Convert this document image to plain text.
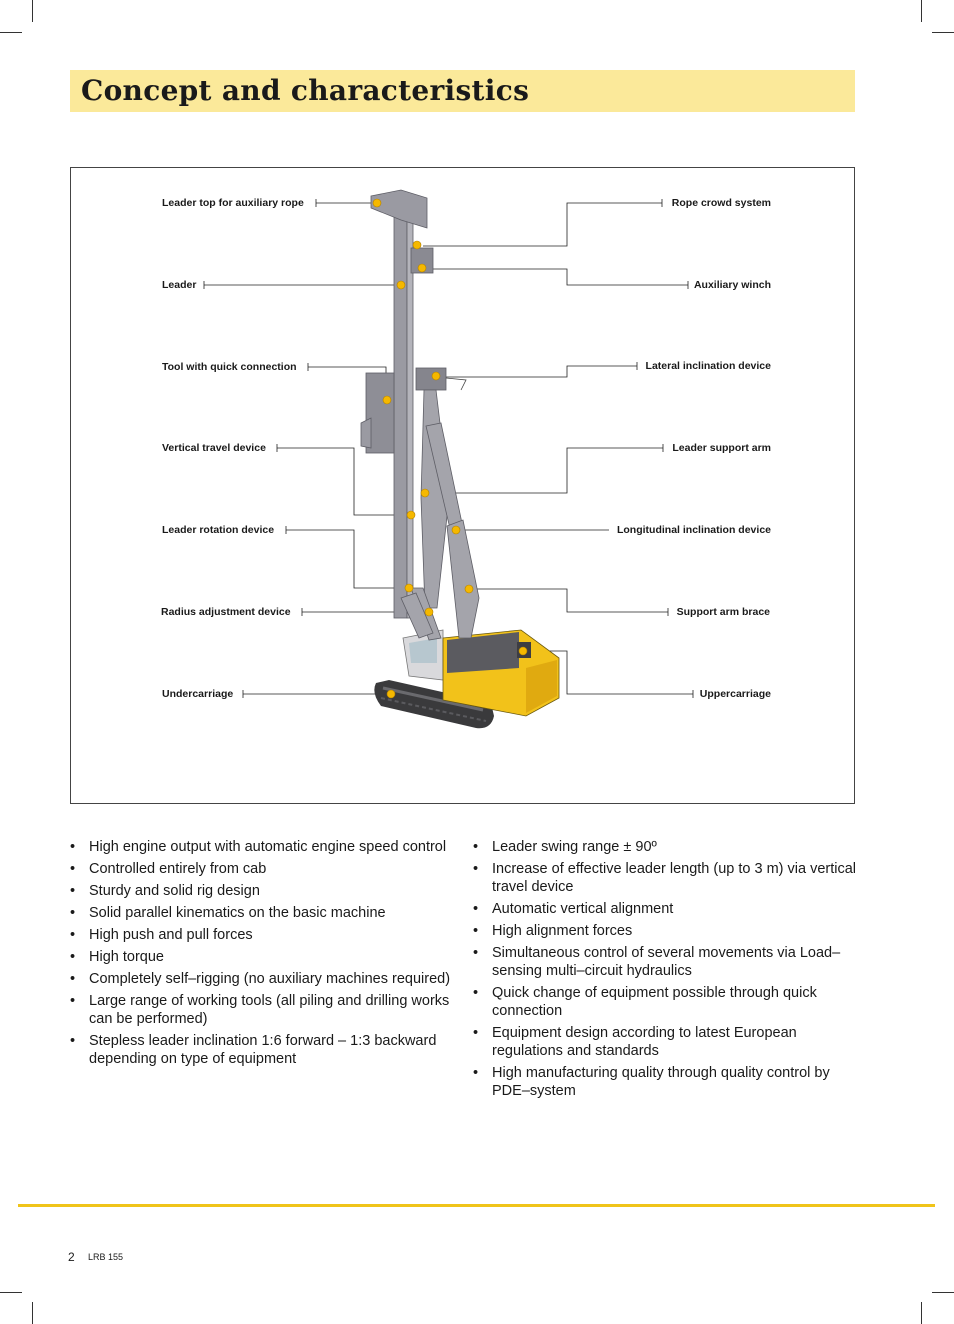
Concept and characteristics
Leader top for auxiliary rope
Leader
Tool with quick connection
Vertical travel device
Leader rotation device
Radius adjustment device
Undercarriage
Rope crowd system
Auxiliary winch
Lateral inclination device
Leader support arm
Longitudinal inclination device
Support arm brace
Uppercarriage
• High engine output with automatic engine speed control
• Controlled entirely from cab
• Sturdy and solid rig design
• Solid parallel kinematics on the basic machine
• High push and pull forces
• High torque
• Completely self–rigging (no auxiliary machines required)
• Large range of working tools (all piling and drilling works can be performed)
• Stepless leader inclination 1:6 forward – 1:3 backward depending on type of equipment
• Leader swing range ± 90º
• Increase of effective leader length (up to 3 m) via vertical travel device
• Automatic vertical alignment
• High alignment forces
• Simultaneous control of several movements via Load–sensing multi–circuit hydraulics
• Quick change of equipment possible through quick connection
• Equipment design according to latest European regulations and standards
• High manufacturing quality through quality control by PDE–system
2 LRB 155
